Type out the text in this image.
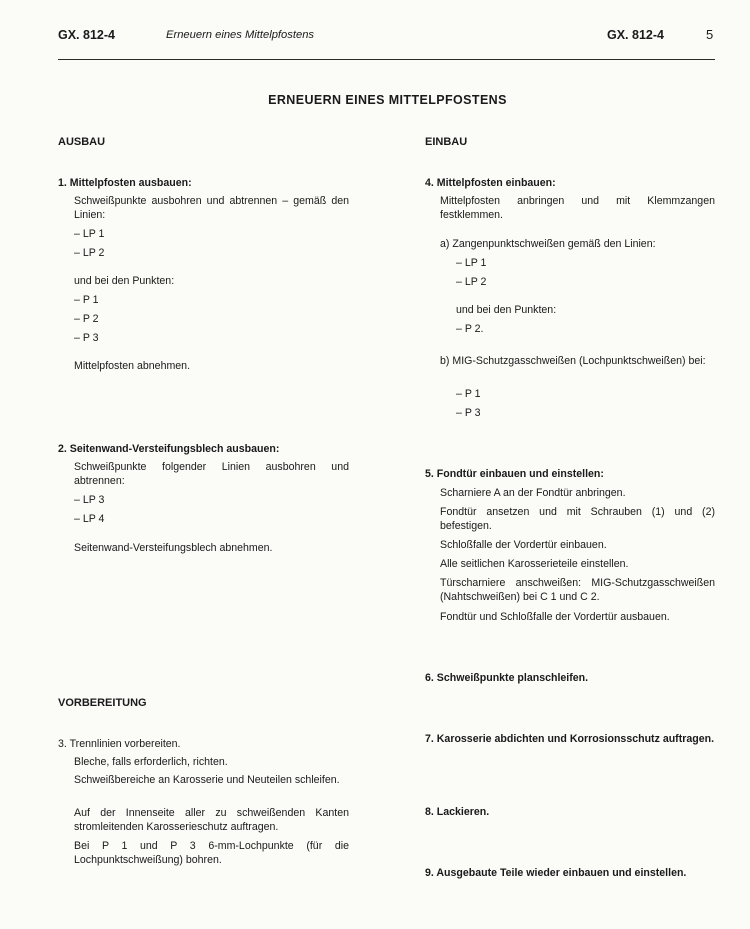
GX. 812-4	Erneuern eines Mittelpfostens	GX. 812-4	5
ERNEUERN EINES MITTELPFOSTENS
AUSBAU
1. Mittelpfosten ausbauen:
Schweißpunkte ausbohren und abtrennen – gemäß den Linien:
– LP 1
– LP 2
und bei den Punkten:
– P 1
– P 2
– P 3
Mittelpfosten abnehmen.
2. Seitenwand-Versteifungsblech ausbauen:
Schweißpunkte folgender Linien ausbohren und abtrennen:
– LP 3
– LP 4
Seitenwand-Versteifungsblech abnehmen.
VORBEREITUNG
3. Trennlinien vorbereiten.
Bleche, falls erforderlich, richten.
Schweißbereiche an Karosserie und Neuteilen schleifen.
Auf der Innenseite aller zu schweißenden Kanten stromleitenden Karosserieschutz auftragen.
Bei P 1 und P 3 6-mm-Lochpunkte (für die Lochpunktschweißung) bohren.
EINBAU
4. Mittelpfosten einbauen:
Mittelpfosten anbringen und mit Klemmzangen festklemmen.
a) Zangenpunktschweißen gemäß den Linien:
– LP 1
– LP 2
und bei den Punkten:
– P 2.
b) MIG-Schutzgasschweißen (Lochpunktschweißen) bei:
– P 1
– P 3
5. Fondtür einbauen und einstellen:
Scharniere A an der Fondtür anbringen.
Fondtür ansetzen und mit Schrauben (1) und (2) befestigen.
Schloßfalle der Vordertür einbauen.
Alle seitlichen Karosserieteile einstellen.
Türscharniere anschweißen: MIG-Schutzgasschweißen (Nahtschweißen) bei C 1 und C 2.
Fondtür und Schloßfalle der Vordertür ausbauen.
6. Schweißpunkte planschleifen.
7. Karosserie abdichten und Korrosionsschutz auftragen.
8. Lackieren.
9. Ausgebaute Teile wieder einbauen und einstellen.
